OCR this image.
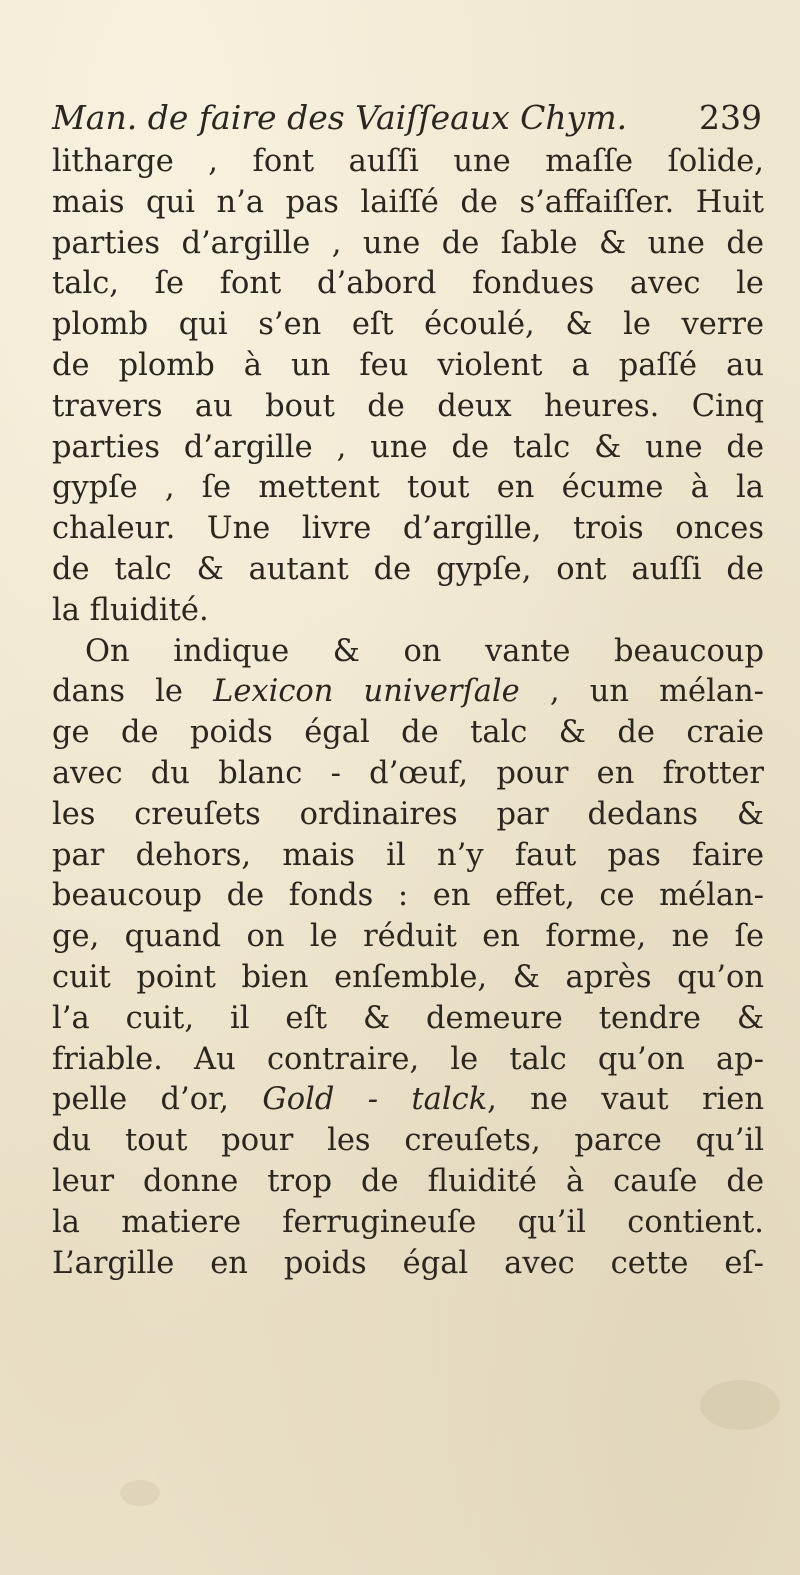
Man. de faire des Vaiſſeaux Chym. 239
litharge , font auſſi une maſſe ſolide,
mais qui n’a pas laiſſé de s’affaiſſer. Huit
parties d’argille , une de ſable & une de
talc, ſe font d’abord fondues avec le
plomb qui s’en eſt écoulé, & le verre
de plomb à un feu violent a paſſé au
travers au bout de deux heures. Cinq
parties d’argille , une de talc & une de
gypſe , ſe mettent tout en écume à la
chaleur. Une livre d’argille, trois onces
de talc & autant de gypſe, ont auſſi de
la fluidité.
On indique & on vante beaucoup
dans le Lexicon univerſale , un mélan-
ge de poids égal de talc & de craie
avec du blanc - d’œuf, pour en frotter
les creuſets ordinaires par dedans &
par dehors, mais il n’y faut pas faire
beaucoup de fonds : en effet, ce mélan-
ge, quand on le réduit en forme, ne ſe
cuit point bien enſemble, & après qu’on
l’a cuit, il eſt & demeure tendre &
friable. Au contraire, le talc qu’on ap-
pelle d’or, Gold - talck, ne vaut rien
du tout pour les creuſets, parce qu’il
leur donne trop de fluidité à cauſe de
la matiere ferrugineuſe qu’il contient.
L’argille en poids égal avec cette eſ-
